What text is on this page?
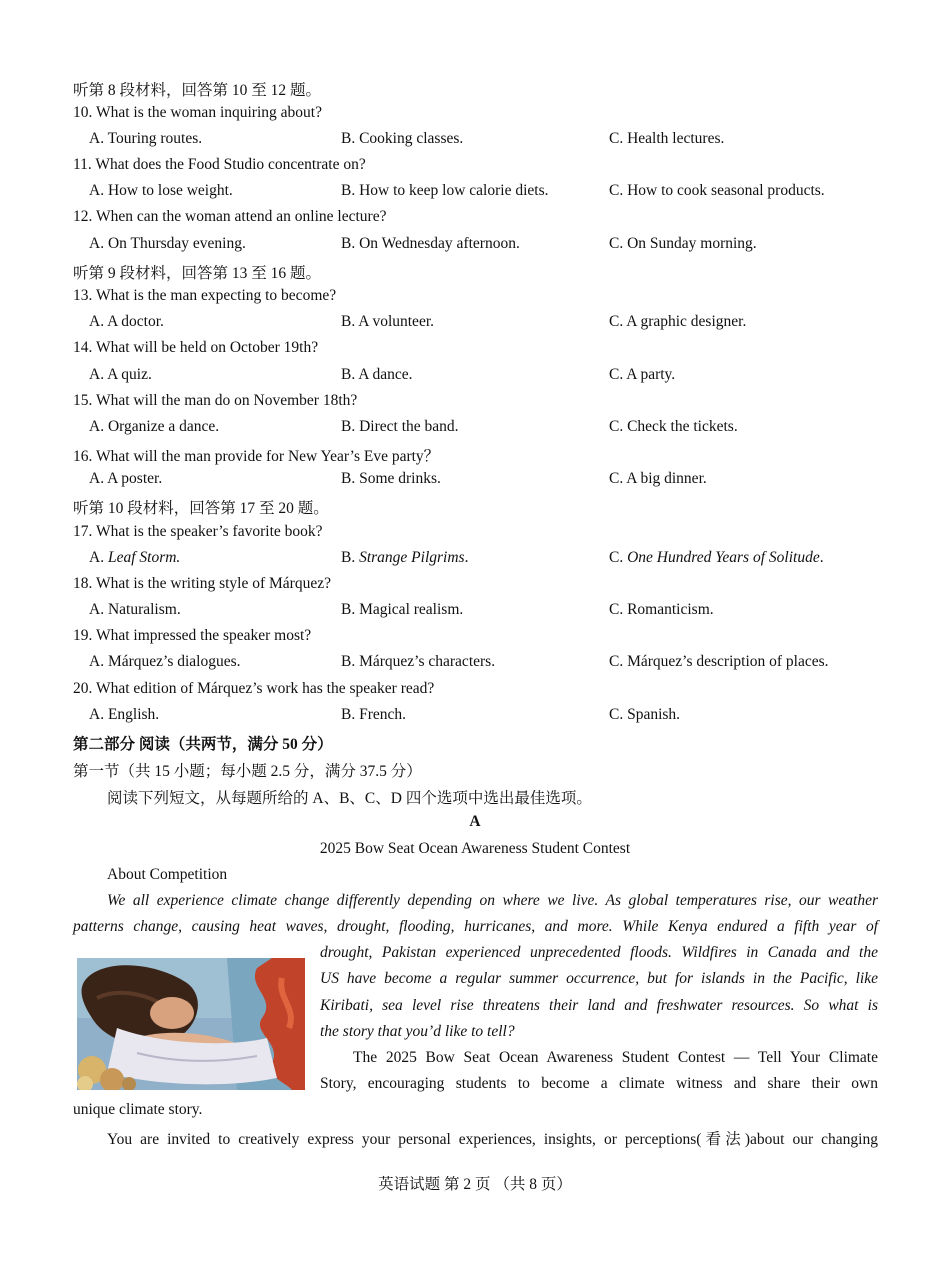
听第 8 段材料，回答第 10 至 12 题。
10. What is the woman inquiring about?
A. Touring routes.	B. Cooking classes.	C. Health lectures.
11. What does the Food Studio concentrate on?
A. How to lose weight.	B. How to keep low calorie diets.	C. How to cook seasonal products.
12. When can the woman attend an online lecture?
A. On Thursday evening.	B. On Wednesday afternoon.	C. On Sunday morning.
听第 9 段材料，回答第 13 至 16 题。
13. What is the man expecting to become?
A. A doctor.	B. A volunteer.	C. A graphic designer.
14. What will be held on October 19th?
A. A quiz.	B. A dance.	C. A party.
15. What will the man do on November 18th?
A. Organize a dance.	B. Direct the band.	C. Check the tickets.
16. What will the man provide for New Year’s Eve party？
A. A poster.	B. Some drinks.	C. A big dinner.
听第 10 段材料，回答第 17 至 20 题。
17. What is the speaker’s favorite book?
A. Leaf Storm.	B. Strange Pilgrims.	C. One Hundred Years of Solitude.
18. What is the writing style of Márquez?
A. Naturalism.	B. Magical realism.	C. Romanticism.
19. What impressed the speaker most?
A. Márquez’s dialogues.	B. Márquez’s characters.	C. Márquez’s description of places.
20. What edition of Márquez’s work has the speaker read?
A. English.	B. French.	C. Spanish.
第二部分 阅读（共两节，满分 50 分）
第一节（共 15 小题；每小题 2.5 分，满分 37.5 分）
阅读下列短文，从每题所给的 A、B、C、D 四个选项中选出最佳选项。
A
2025 Bow Seat Ocean Awareness Student Contest
About Competition
We all experience climate change differently depending on where we live. As global temperatures rise, our weather
patterns change, causing heat waves, drought, flooding, hurricanes, and more. While Kenya endured a fifth year of
drought, Pakistan experienced unprecedented floods. Wildfires in Canada and the
US have become a regular summer occurrence, but for islands in the Pacific, like
Kiribati, sea level rise threatens their land and freshwater resources. So what is
the story that you’d like to tell?
The 2025 Bow Seat Ocean Awareness Student Contest — Tell Your Climate
Story, encouraging students to become a climate witness and share their own
unique climate story.
You are invited to creatively express your personal experiences, insights, or perceptions(看法)about our changing
英语试题 第 2 页 （共 8 页）
